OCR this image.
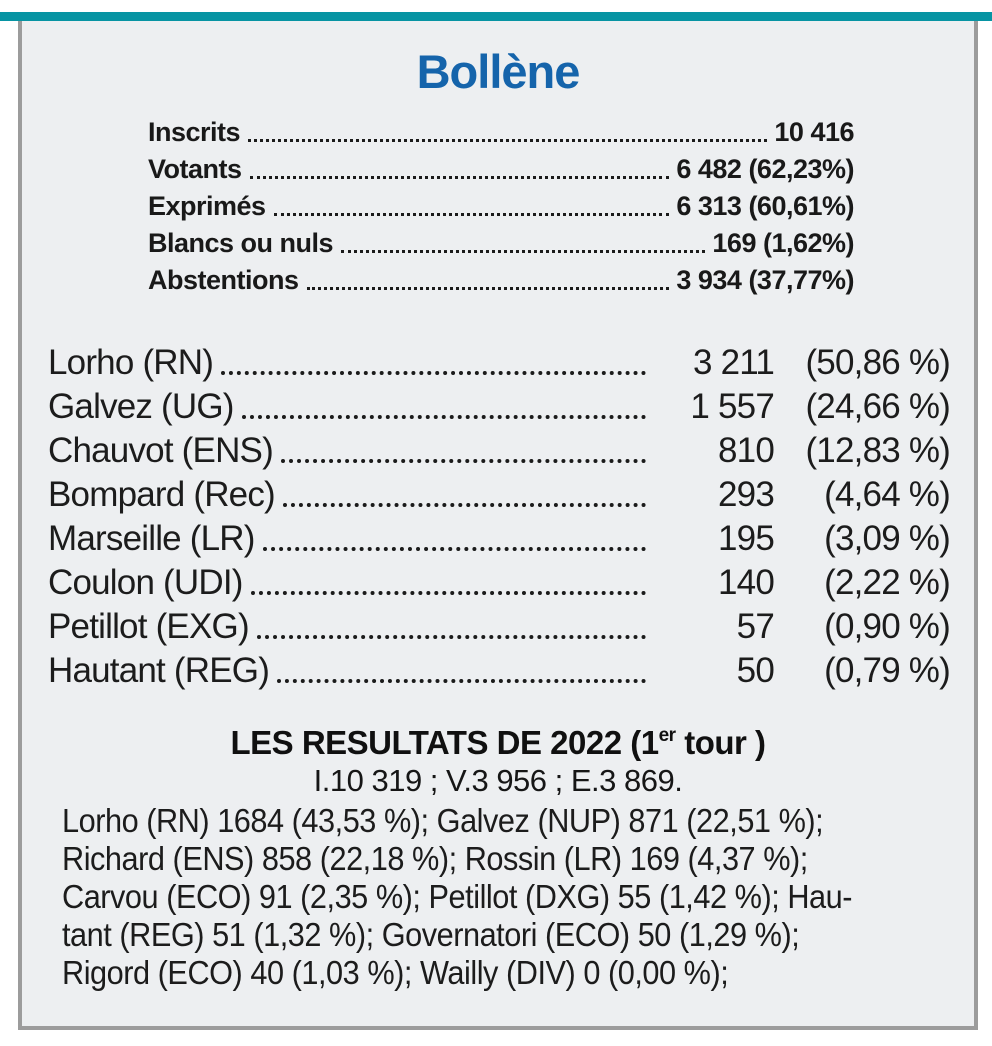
Bollène
Inscrits	10 416
Votants	6 482 (62,23%)
Exprimés	6 313 (60,61%)
Blancs ou nuls	169 (1,62%)
Abstentions	3 934 (37,77%)
Lorho (RN)	3 211 (50,86 %)
Galvez (UG)	1 557 (24,66 %)
Chauvot (ENS)	810 (12,83 %)
Bompard (Rec)	293	(4,64 %)
Marseille (LR)	195	(3,09 %)
Coulon (UDI)	140	(2,22 %)
Petillot (EXG)	57	(0,90 %)
Hautant (REG)	50	(0,79 %)
LES RESULTATS DE 2022 (1er tour )
I.10 319 ; V.3 956 ; E.3 869.
Lorho (RN) 1684 (43,53 %); Galvez (NUP) 871 (22,51 %);
Richard (ENS) 858 (22,18 %); Rossin (LR) 169 (4,37 %);
Carvou (ECO) 91 (2,35 %); Petillot (DXG) 55 (1,42 %); Hau-
tant (REG) 51 (1,32 %); Governatori (ECO) 50 (1,29 %);
Rigord (ECO) 40 (1,03 %); Wailly (DIV) 0 (0,00 %);
